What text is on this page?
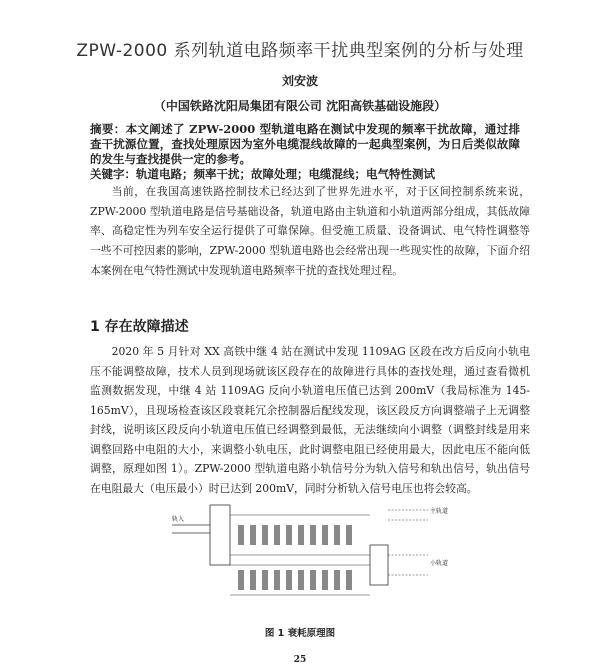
ZPW-2000 系列轨道电路频率干扰典型案例的分析与处理
刘安波
（中国铁路沈阳局集团有限公司 沈阳高铁基础设施段）
摘要：本文阐述了 ZPW-2000 型轨道电路在测试中发现的频率干扰故障，通过排查干扰源位置，查找处理原因为室外电缆混线故障的一起典型案例，为日后类似故障的发生与查找提供一定的参考。
关键字：轨道电路；频率干扰；故障处理；电缆混线；电气特性测试
当前，在我国高速铁路控制技术已经达到了世界先进水平，对于区间控制系统来说，ZPW-2000 型轨道电路是信号基础设备，轨道电路由主轨道和小轨道两部分组成，其低故障率、高稳定性为列车安全运行提供了可靠保障。但受施工质量、设备调试、电气特性调整等一些不可控因素的影响，ZPW-2000 型轨道电路也会经常出现一些现实性的故障，下面介绍本案例在电气特性测试中发现轨道电路频率干扰的查找处理过程。
1 存在故障描述
2020 年 5 月针对 XX 高铁中继 4 站在测试中发现 1109AG 区段在改方后反向小轨电压不能调整故障，技术人员到现场就该区段存在的故障进行具体的查找处理，通过查看微机监测数据发现，中继 4 站 1109AG 反向小轨道电压值已达到 200mV（我局标准为 145-165mV），且现场检查该区段衰耗冗余控制器后配线发现，该区段反方向调整端子上无调整封线，说明该区段反向小轨道电压值已经调整到最低，无法继续向小调整（调整封线是用来调整回路中电阻的大小，来调整小轨电压，此时调整电阻已经使用最大，因此电压不能向低调整，原理如图 1）。ZPW-2000 型轨道电路小轨信号分为轨入信号和轨出信号，轨出信号在电阻最大（电压最小）时已达到 200mV，同时分析轨入信号电压也将会较高。
轨入
主轨道
小轨道
图 1 衰耗原理图
25
